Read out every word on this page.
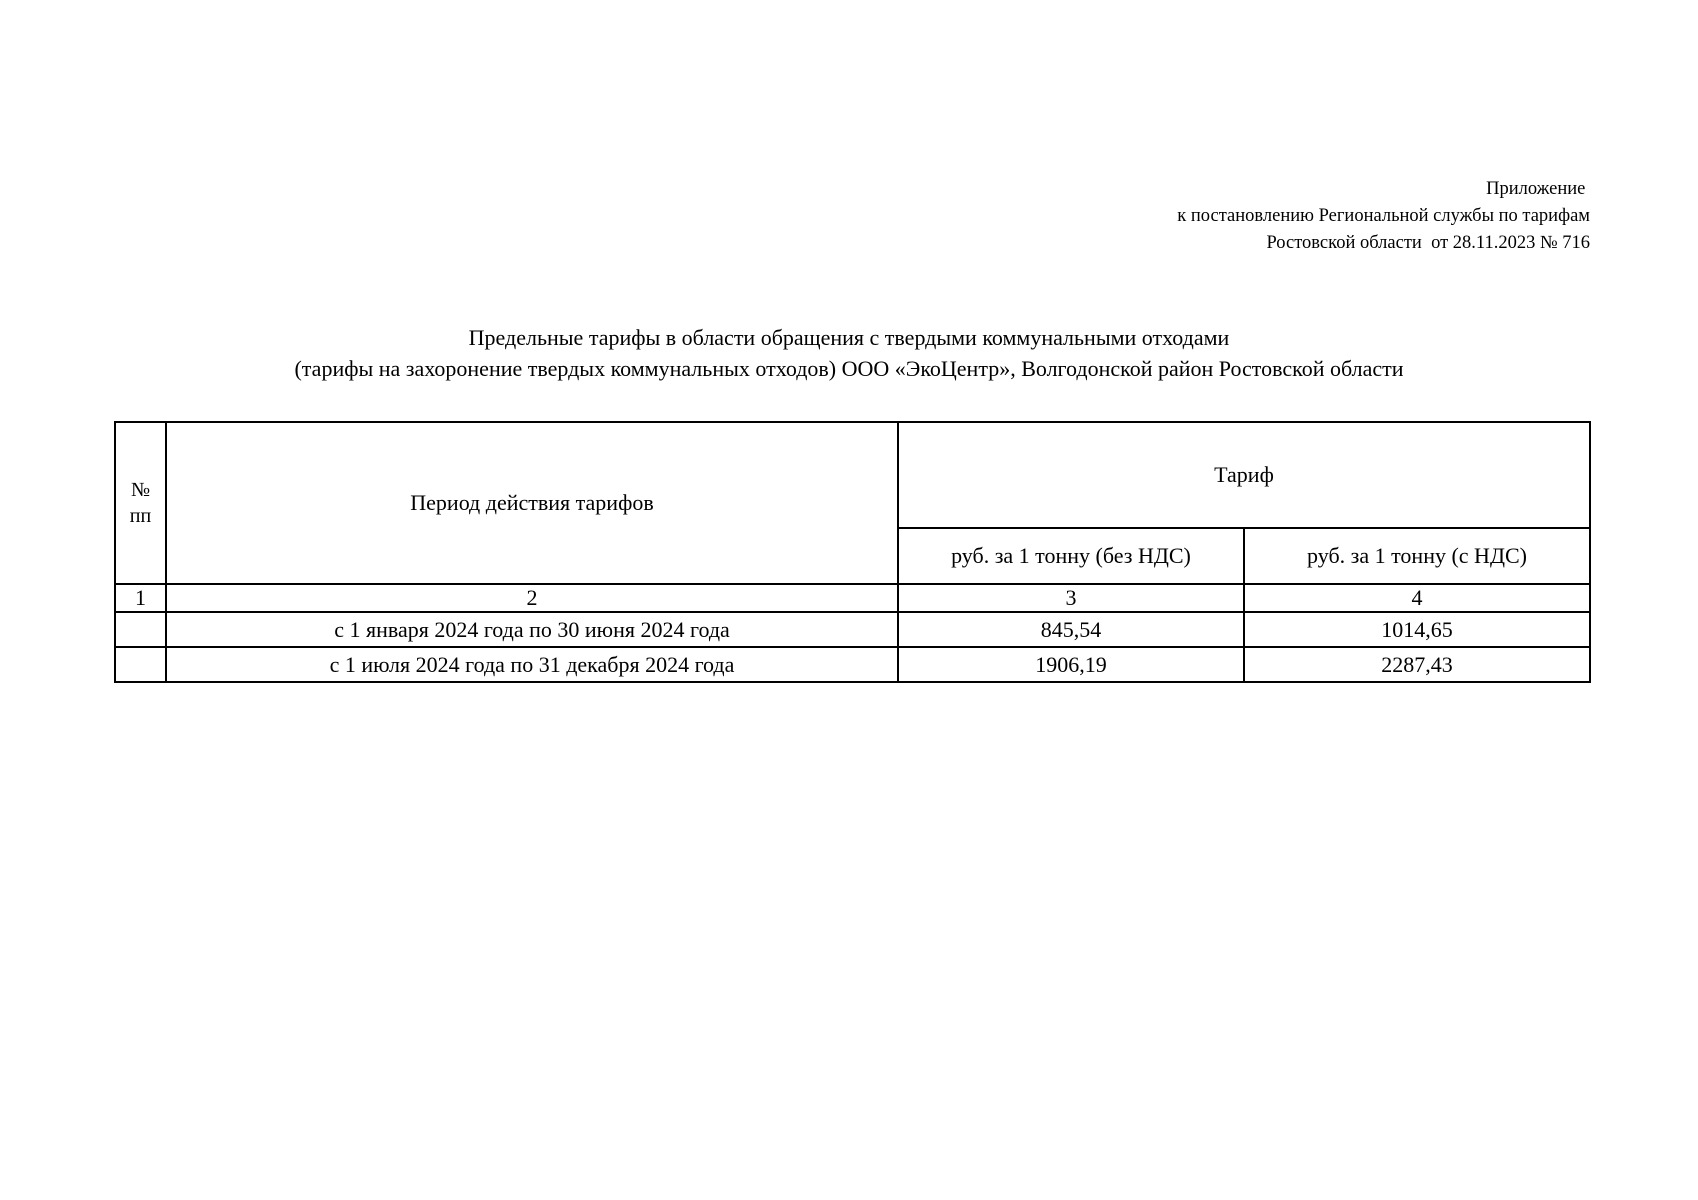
Приложение
к постановлению Региональной службы по тарифам
Ростовской области  от 28.11.2023 № 716
Предельные тарифы в области обращения с твердыми коммунальными отходами
(тарифы на захоронение твердых коммунальных отходов) ООО «ЭкоЦентр», Волгодонской район Ростовской области
№
пп	Период действия тарифов	Тариф	
		руб. за 1 тонну (без НДС)	руб. за 1 тонну (с НДС)
1	2	3	4
	с 1 января 2024 года по 30 июня 2024 года	845,54	1014,65
	с 1 июля 2024 года по 31 декабря 2024 года	1906,19	2287,43
